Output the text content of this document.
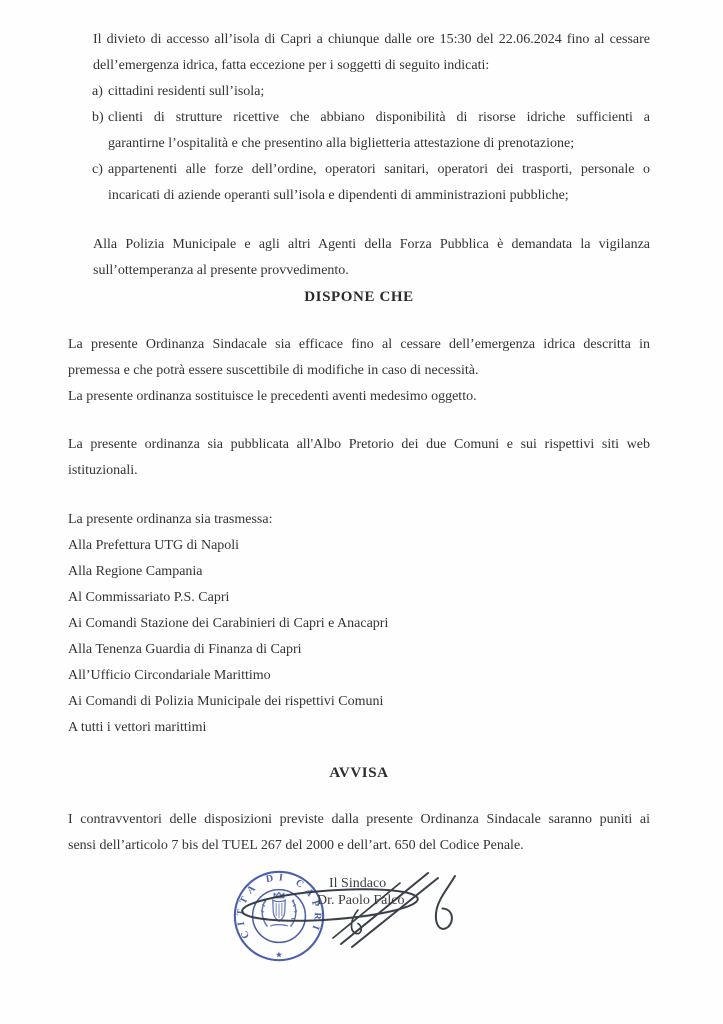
Il divieto di accesso all’isola di Capri a chiunque dalle ore 15:30 del 22.06.2024 fino al cessare
dell’emergenza idrica, fatta eccezione per i soggetti di seguito indicati:
a) cittadini residenti sull’isola;
b) clienti di strutture ricettive che abbiano disponibilità di risorse idriche sufficienti a
garantirne l’ospitalità e che presentino alla biglietteria attestazione di prenotazione;
c) appartenenti alle forze dell’ordine, operatori sanitari, operatori dei trasporti, personale o
incaricati di aziende operanti sull’isola e dipendenti di amministrazioni pubbliche;
Alla Polizia Municipale e agli altri Agenti della Forza Pubblica è demandata la vigilanza
sull’ottemperanza al presente provvedimento.
DISPONE CHE
La presente Ordinanza Sindacale sia efficace fino al cessare dell’emergenza idrica descritta in
premessa e che potrà essere suscettibile di modifiche in caso di necessità.
La presente ordinanza sostituisce le precedenti aventi medesimo oggetto.
La presente ordinanza sia pubblicata all'Albo Pretorio dei due Comuni e sui rispettivi siti web
istituzionali.
La presente ordinanza sia trasmessa:
Alla Prefettura UTG di Napoli
Alla Regione Campania
Al Commissariato P.S. Capri
Ai Comandi Stazione dei Carabinieri di Capri e Anacapri
Alla Tenenza Guardia di Finanza di Capri
All’Ufficio Circondariale Marittimo
Ai Comandi di Polizia Municipale dei rispettivi Comuni
A tutti i vettori marittimi
AVVISA
I contravventori delle disposizioni previste dalla presente Ordinanza Sindacale saranno puniti ai
sensi dell’articolo 7 bis del TUEL 267 del 2000 e dell’art. 650 del Codice Penale.
CITTÀ DI CAPRI
★
Il Sindaco
Dr. Paolo Falco
